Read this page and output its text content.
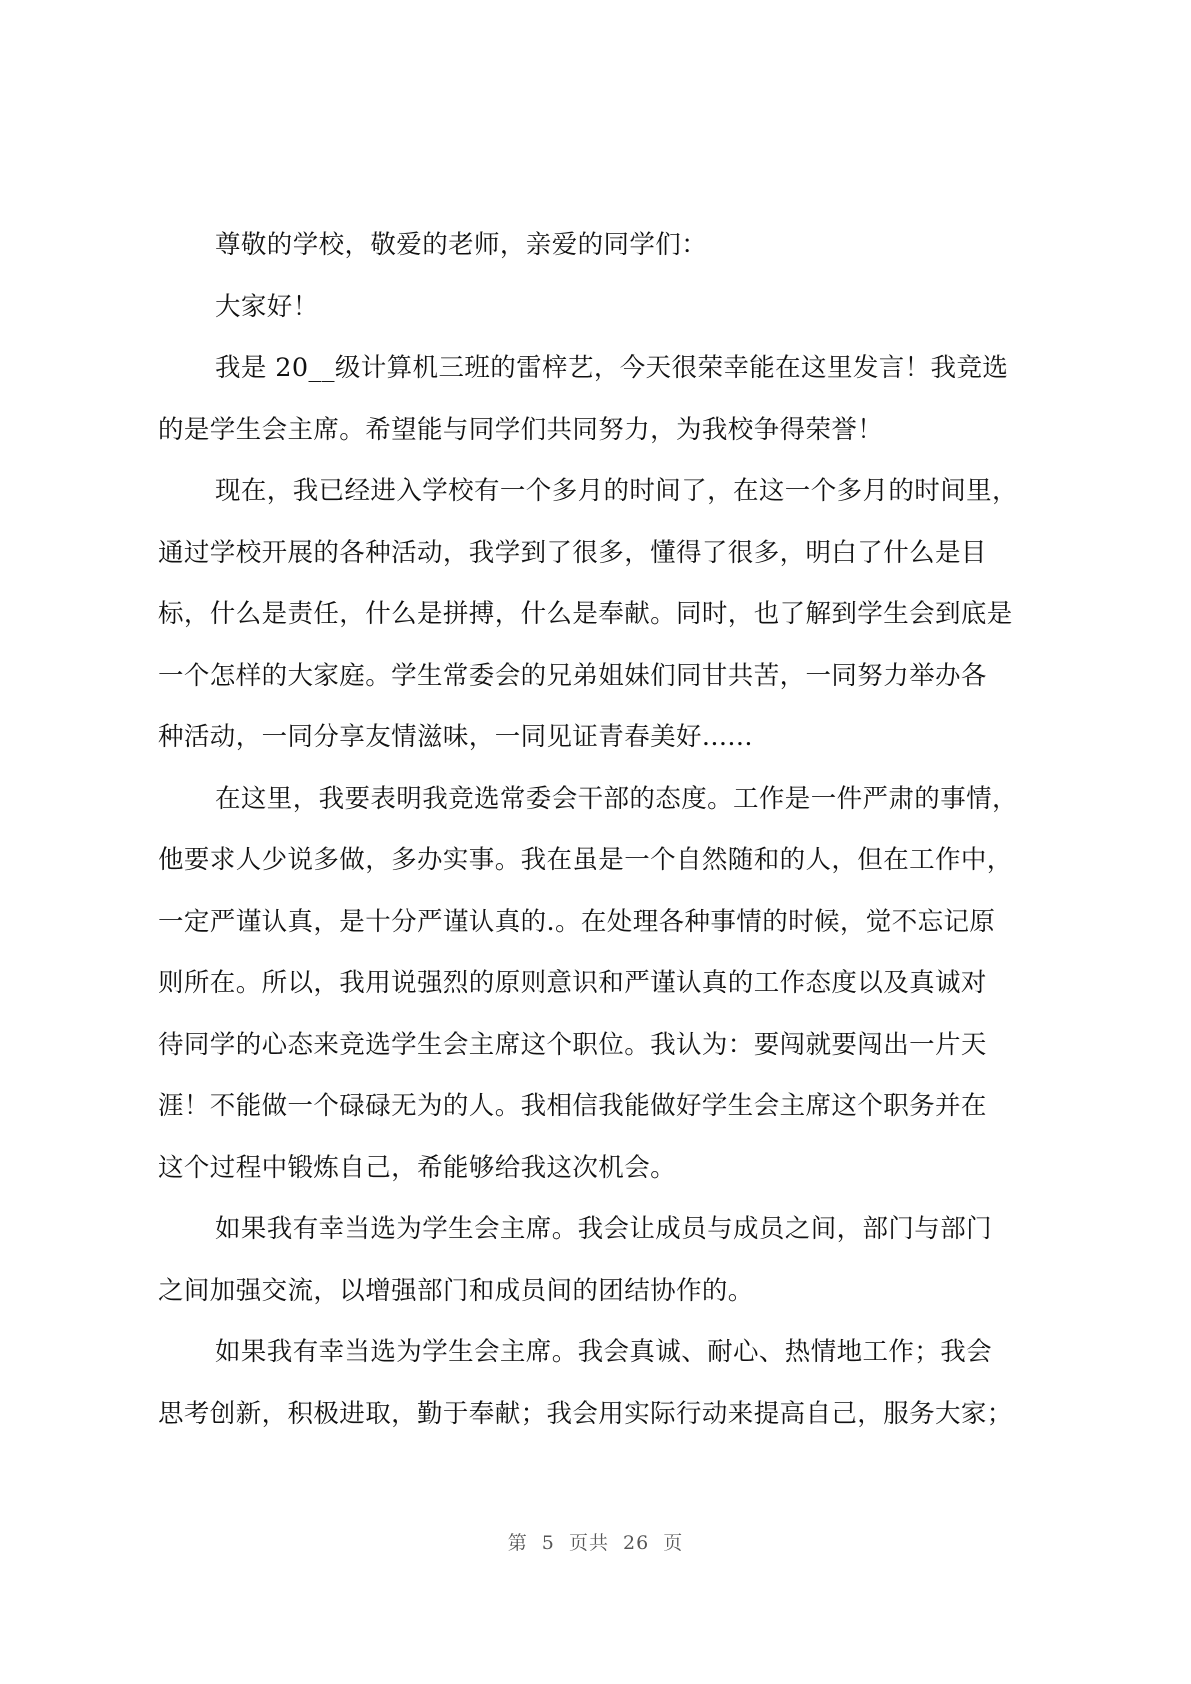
尊敬的学校，敬爱的老师，亲爱的同学们：
大家好！
我是 20__级计算机三班的雷梓艺，今天很荣幸能在这里发言！我竞选
的是学生会主席。希望能与同学们共同努力，为我校争得荣誉！
现在，我已经进入学校有一个多月的时间了，在这一个多月的时间里，
通过学校开展的各种活动，我学到了很多，懂得了很多，明白了什么是目
标，什么是责任，什么是拼搏，什么是奉献。同时，也了解到学生会到底是
一个怎样的大家庭。学生常委会的兄弟姐妹们同甘共苦，一同努力举办各
种活动，一同分享友情滋味，一同见证青春美好......
在这里，我要表明我竞选常委会干部的态度。工作是一件严肃的事情，
他要求人少说多做，多办实事。我在虽是一个自然随和的人，但在工作中，
一定严谨认真，是十分严谨认真的.。在处理各种事情的时候，觉不忘记原
则所在。所以，我用说强烈的原则意识和严谨认真的工作态度以及真诚对
待同学的心态来竞选学生会主席这个职位。我认为：要闯就要闯出一片天
涯！不能做一个碌碌无为的人。我相信我能做好学生会主席这个职务并在
这个过程中锻炼自己，希能够给我这次机会。
如果我有幸当选为学生会主席。我会让成员与成员之间，部门与部门
之间加强交流，以增强部门和成员间的团结协作的。
如果我有幸当选为学生会主席。我会真诚、耐心、热情地工作；我会
思考创新，积极进取，勤于奉献；我会用实际行动来提高自己，服务大家；
第  5  页共  26  页
